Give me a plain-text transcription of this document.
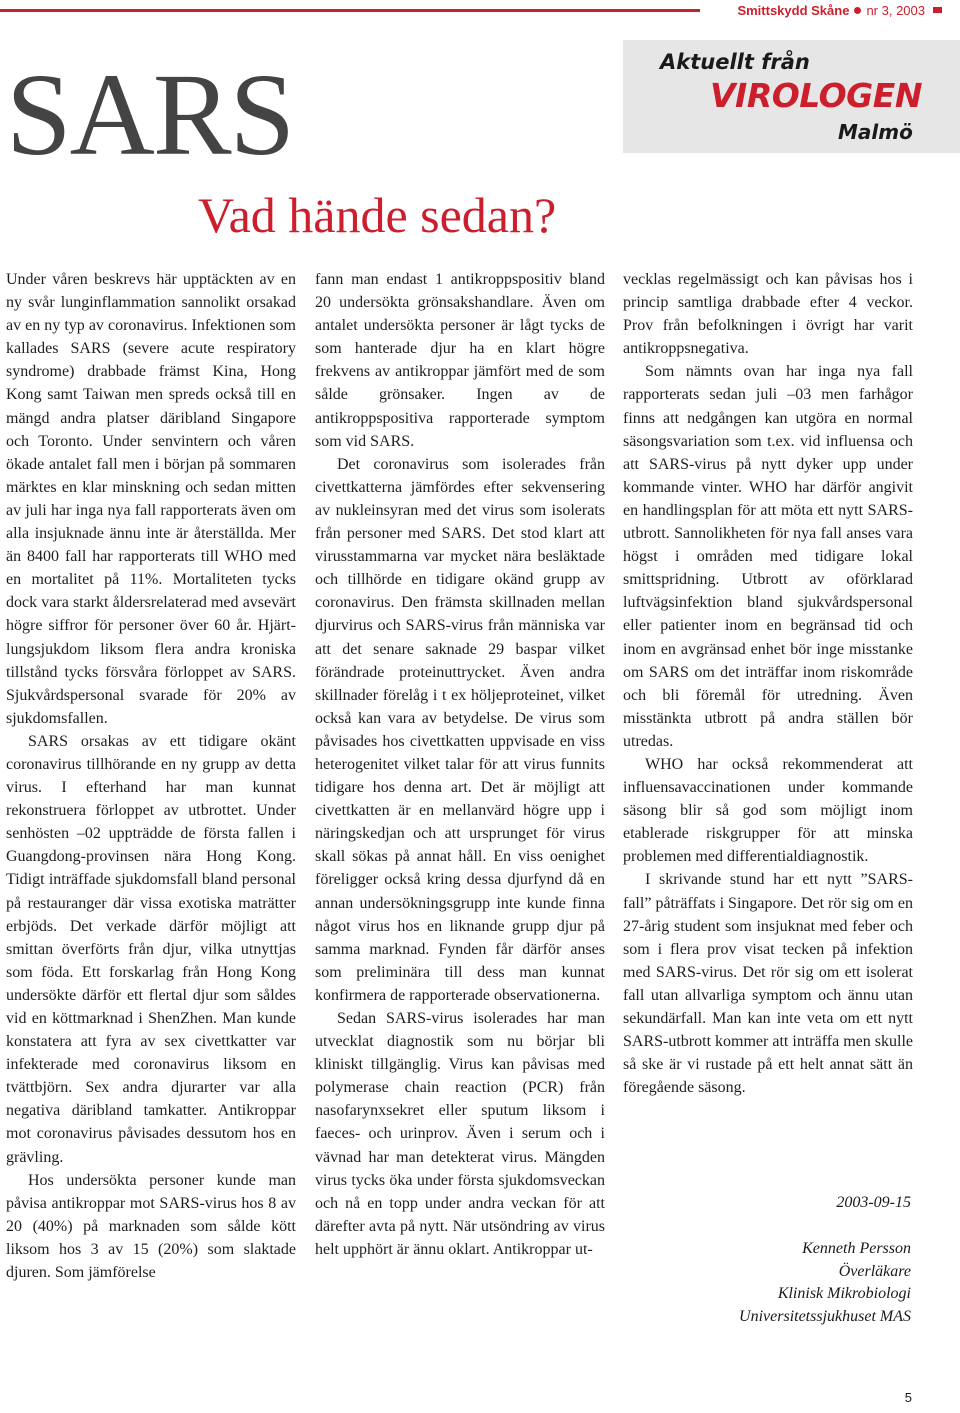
Smittskydd Skåne nr 3, 2003
SARS
Vad hände sedan?
Aktuellt från
VIROLOGEN
Malmö

Under våren beskrevs här upptäckten av en ny svår lunginflammation sannolikt orsakad av en ny typ av coronavirus. Infektionen som kallades SARS (severe acute respiratory syndrome) drabbade främst Kina, Hong Kong samt Taiwan men spreds också till en mängd andra platser däribland Singapore och Toronto. Under senvintern och våren ökade antalet fall men i början på sommaren märktes en klar minskning och sedan mitten av juli har inga nya fall rapporterats även om alla insjuknade ännu inte är återställda. Mer än 8400 fall har rapporterats till WHO med en mortalitet på 11%. Mortaliteten tycks dock vara starkt åldersrelaterad med avsevärt högre siffror för personer över 60 år. Hjärt-lungsjukdom liksom flera andra kroniska tillstånd tycks försvåra förloppet av SARS. Sjukvårdspersonal svarade för 20% av sjukdomsfallen.

SARS orsakas av ett tidigare okänt coronavirus tillhörande en ny grupp av detta virus. I efterhand har man kunnat rekonstruera förloppet av utbrottet. Under senhösten –02 uppträdde de första fallen i Guangdong-provinsen nära Hong Kong. Tidigt inträffade sjukdomsfall bland personal på restauranger där vissa exotiska maträtter erbjöds. Det verkade därför möjligt att smittan överförts från djur, vilka utnyttjas som föda. Ett forskarlag från Hong Kong undersökte därför ett flertal djur som såldes vid en köttmarknad i ShenZhen. Man kunde konstatera att fyra av sex civettkatter var infekterade med coronavirus liksom en tvättbjörn. Sex andra djurarter var alla negativa däribland tamkatter. Antikroppar mot coronavirus påvisades dessutom hos en grävling.

Hos undersökta personer kunde man påvisa antikroppar mot SARS-virus hos 8 av 20 (40%) på marknaden som sålde kött liksom hos 3 av 15 (20%) som slaktade djuren. Som jämförelse

fann man endast 1 antikroppspositiv bland 20 undersökta grönsakshandlare. Även om antalet undersökta personer är lågt tycks de som hanterade djur ha en klart högre frekvens av antikroppar jämfört med de som sålde grönsaker. Ingen av de antikroppspositiva rapporterade symptom som vid SARS.

Det coronavirus som isolerades från civettkatterna jämfördes efter sekvensering av nukleinsyran med det virus som isolerats från personer med SARS. Det stod klart att virusstammarna var mycket nära besläktade och tillhörde en tidigare okänd grupp av coronavirus. Den främsta skillnaden mellan djurvirus och SARS-virus från människa var att det senare saknade 29 baspar vilket förändrade proteinuttrycket. Även andra skillnader förelåg i t ex höljeproteinet, vilket också kan vara av betydelse. De virus som påvisades hos civettkatten uppvisade en viss heterogenitet vilket talar för att virus funnits tidigare hos denna art. Det är möjligt att civettkatten är en mellanvärd högre upp i näringskedjan och att ursprunget för virus skall sökas på annat håll. En viss oenighet föreligger också kring dessa djurfynd då en annan undersökningsgrupp inte kunde finna något virus hos en liknande grupp djur på samma marknad. Fynden får därför anses som preliminära till dess man kunnat konfirmera de rapporterade observationerna.

Sedan SARS-virus isolerades har man utvecklat diagnostik som nu börjar bli kliniskt tillgänglig. Virus kan påvisas med polymerase chain reaction (PCR) från nasofarynxsekret eller sputum liksom i faeces- och urinprov. Även i serum och i vävnad har man detekterat virus. Mängden virus tycks öka under första sjukdomsveckan och nå en topp under andra veckan för att därefter avta på nytt. När utsöndring av virus helt upphört är ännu oklart. Antikroppar ut-

vecklas regelmässigt och kan påvisas hos i princip samtliga drabbade efter 4 veckor. Prov från befolkningen i övrigt har varit antikroppsnegativa.

Som nämnts ovan har inga nya fall rapporterats sedan juli –03 men farhågor finns att nedgången kan utgöra en normal säsongsvariation som t.ex. vid influensa och att SARS-virus på nytt dyker upp under kommande vinter. WHO har därför angivit en handlingsplan för att möta ett nytt SARS-utbrott. Sannolikheten för nya fall anses vara högst i områden med tidigare lokal smittspridning. Utbrott av oförklarad luftvägsinfektion bland sjukvårdspersonal eller patienter inom en begränsad tid och inom en avgränsad enhet bör inge misstanke om SARS om det inträffar inom riskområde och bli föremål för utredning. Även misstänkta utbrott på andra ställen bör utredas.

WHO har också rekommenderat att influensavaccinationen under kommande säsong blir så god som möjligt inom etablerade riskgrupper för att minska problemen med differentialdiagnostik.

I skrivande stund har ett nytt ”SARS-fall” påträffats i Singapore. Det rör sig om en 27-årig student som insjuknat med feber och som i flera prov visat tecken på infektion med SARS-virus. Det rör sig om ett isolerat fall utan allvarliga symptom och ännu utan sekundärfall. Man kan inte veta om ett nytt SARS-utbrott kommer att inträffa men skulle så ske är vi rustade på ett helt annat sätt än föregående säsong.

2003-09-15
Kenneth Persson
Överläkare
Klinisk Mikrobiologi
Universitetssjukhuset MAS
5
